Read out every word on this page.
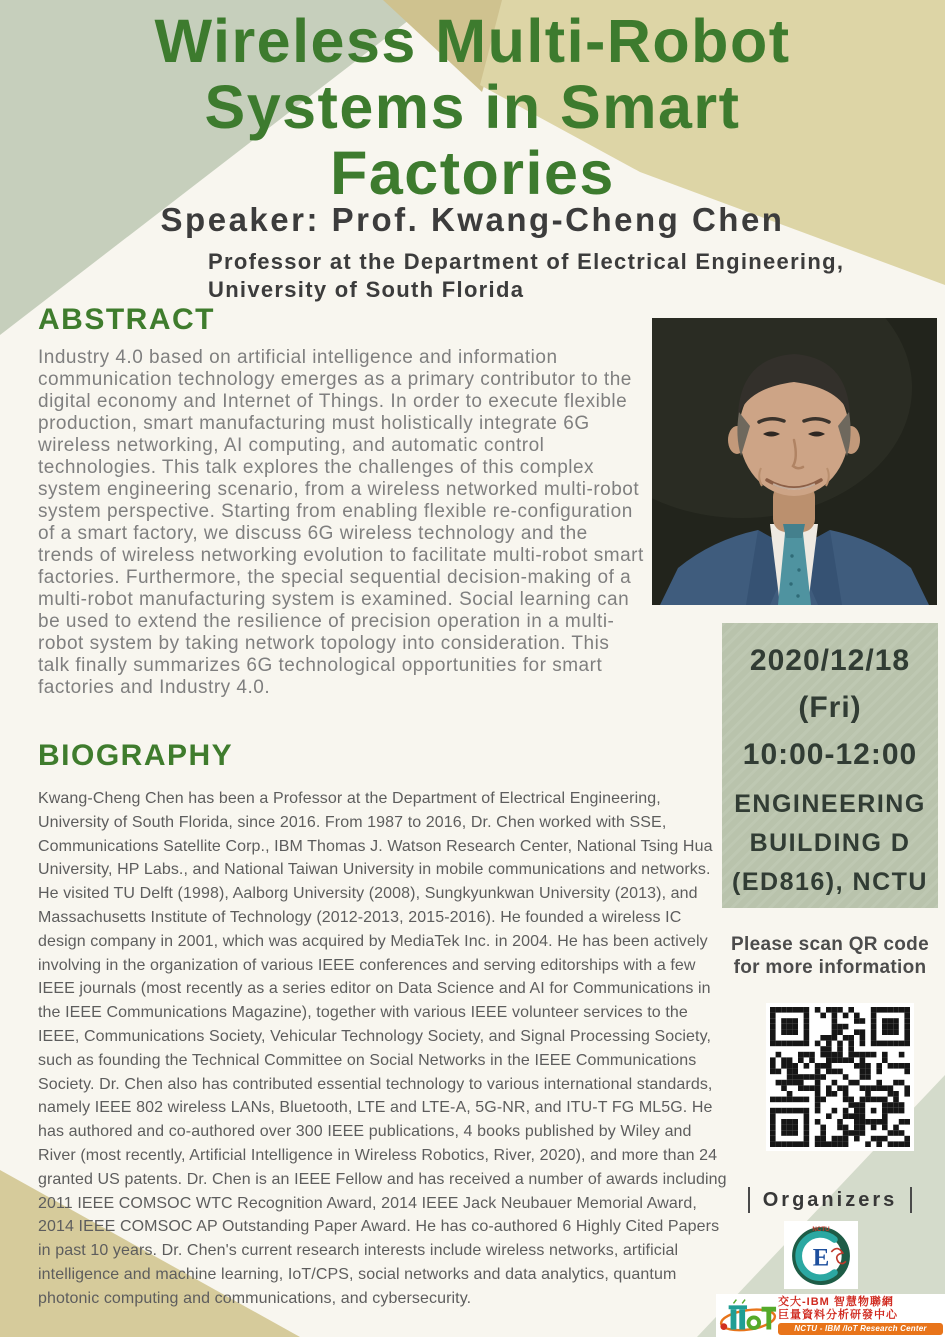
Wireless Multi-Robot
Systems in Smart
Factories
Speaker: Prof. Kwang-Cheng Chen
Professor at the Department of Electrical Engineering,
University of South Florida
ABSTRACT
Industry 4.0 based on artificial intelligence and information communication technology emerges as a primary contributor to the digital economy and Internet of Things. In order to execute flexible production, smart manufacturing must holistically integrate 6G wireless networking, AI computing, and automatic control technologies. This talk explores the challenges of this complex system engineering scenario, from a wireless networked multi-robot system perspective. Starting from enabling flexible re-configuration of a smart factory, we discuss 6G wireless technology and the trends of wireless networking evolution to facilitate multi-robot smart factories. Furthermore, the special sequential decision-making of a multi-robot manufacturing system is examined. Social learning can be used to extend the resilience of precision operation in a multi-robot system by taking network topology into consideration. This talk finally summarizes 6G technological opportunities for smart factories and Industry 4.0.
BIOGRAPHY
Kwang-Cheng Chen has been a Professor at the Department of Electrical Engineering, University of South Florida, since 2016. From 1987 to 2016, Dr. Chen worked with SSE, Communications Satellite Corp., IBM Thomas J. Watson Research Center, National Tsing Hua University, HP Labs., and National Taiwan University in mobile communications and networks. He visited TU Delft (1998), Aalborg University (2008), Sungkyunkwan University (2013), and Massachusetts Institute of Technology (2012-2013, 2015-2016). He founded a wireless IC design company in 2001, which was acquired by MediaTek Inc. in 2004. He has been actively involving in the organization of various IEEE conferences and serving editorships with a few IEEE journals (most recently as a series editor on Data Science and AI for Communications in the IEEE Communications Magazine), together with various IEEE volunteer services to the IEEE, Communications Society, Vehicular Technology Society, and Signal Processing Society, such as founding the Technical Committee on Social Networks in the IEEE Communications Society. Dr. Chen also has contributed essential technology to various international standards, namely IEEE 802 wireless LANs, Bluetooth, LTE and LTE-A, 5G-NR, and ITU-T FG ML5G. He has authored and co-authored over 300 IEEE publications, 4 books published by Wiley and River (most recently, Artificial Intelligence in Wireless Robotics, River, 2020), and more than 24 granted US patents. Dr. Chen is an IEEE Fellow and has received a number of awards including 2011 IEEE COMSOC WTC Recognition Award, 2014 IEEE Jack Neubauer Memorial Award, 2014 IEEE COMSOC AP Outstanding Paper Award. He has co-authored 6 Highly Cited Papers in past 10 years. Dr. Chen's current research interests include wireless networks, artificial intelligence and machine learning, IoT/CPS, social networks and data analytics, quantum photonic computing and communications, and cybersecurity.
2020/12/18
(Fri)
10:00-12:00
ENGINEERING
BUILDING D
(ED816), NCTU
Please scan QR code
for more information
Organizers
E
NCTU
交大-IBM 智慧物聯網
巨量資料分析研發中心
NCTU - IBM /IoT Research Center
